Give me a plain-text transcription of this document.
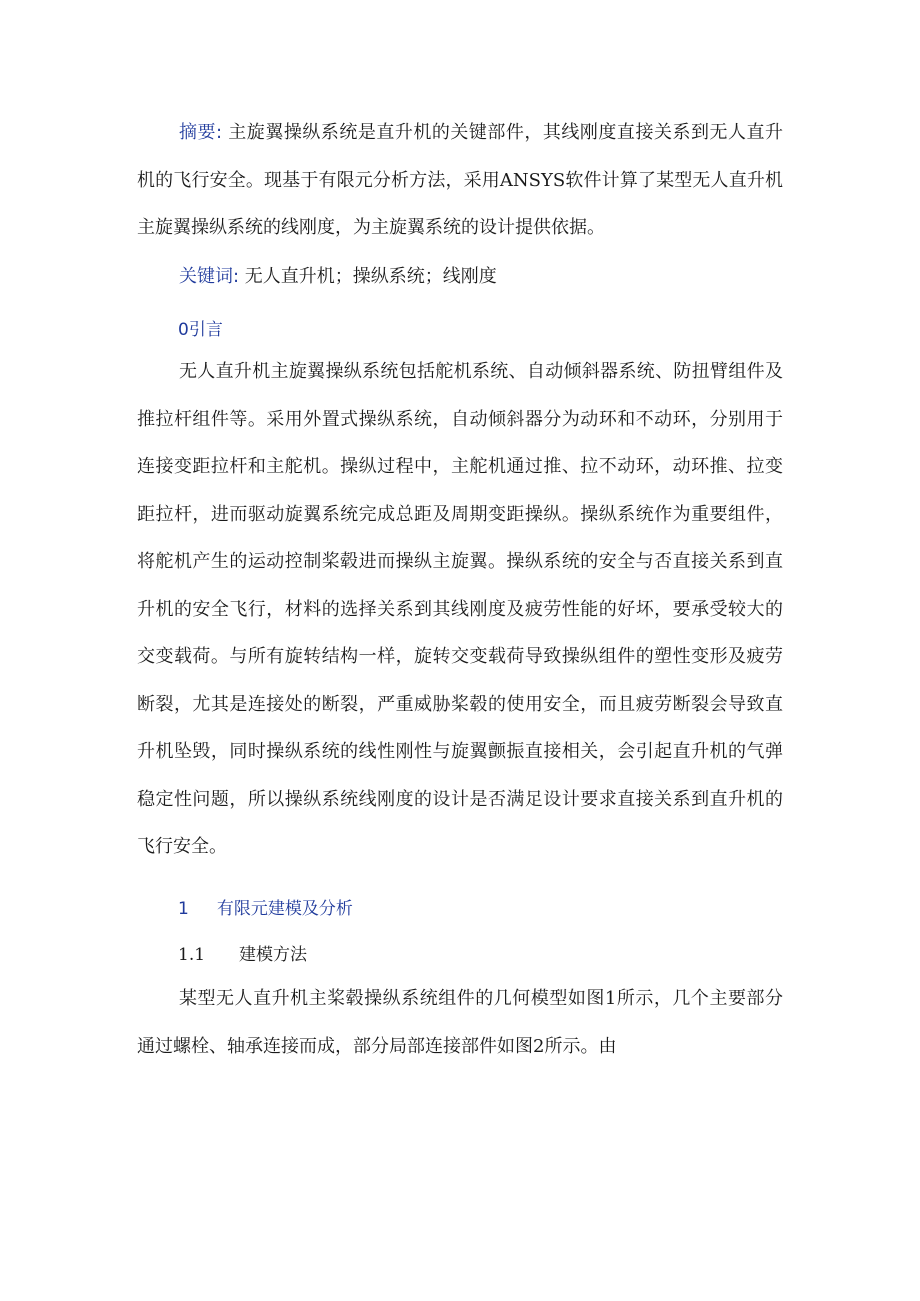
摘要: 主旋翼操纵系统是直升机的关键部件，其线刚度直接关系到无人直升机的飞行安全。现基于有限元分析方法，采用ANSYS软件计算了某型无人直升机主旋翼操纵系统的线刚度，为主旋翼系统的设计提供依据。

关键词: 无人直升机；操纵系统；线刚度

0引言

无人直升机主旋翼操纵系统包括舵机系统、自动倾斜器系统、防扭臂组件及推拉杆组件等。采用外置式操纵系统，自动倾斜器分为动环和不动环，分别用于连接变距拉杆和主舵机。操纵过程中，主舵机通过推、拉不动环，动环推、拉变距拉杆，进而驱动旋翼系统完成总距及周期变距操纵。操纵系统作为重要组件，将舵机产生的运动控制桨毂进而操纵主旋翼。操纵系统的安全与否直接关系到直升机的安全飞行，材料的选择关系到其线刚度及疲劳性能的好坏，要承受较大的交变载荷。与所有旋转结构一样，旋转交变载荷导致操纵组件的塑性变形及疲劳断裂，尤其是连接处的断裂，严重威胁桨毂的使用安全，而且疲劳断裂会导致直升机坠毁，同时操纵系统的线性刚性与旋翼颤振直接相关，会引起直升机的气弹稳定性问题，所以操纵系统线刚度的设计是否满足设计要求直接关系到直升机的飞行安全。

1 有限元建模及分析

1.1 建模方法

某型无人直升机主桨毂操纵系统组件的几何模型如图1所示，几个主要部分通过螺栓、轴承连接而成，部分局部连接部件如图2所示。由
